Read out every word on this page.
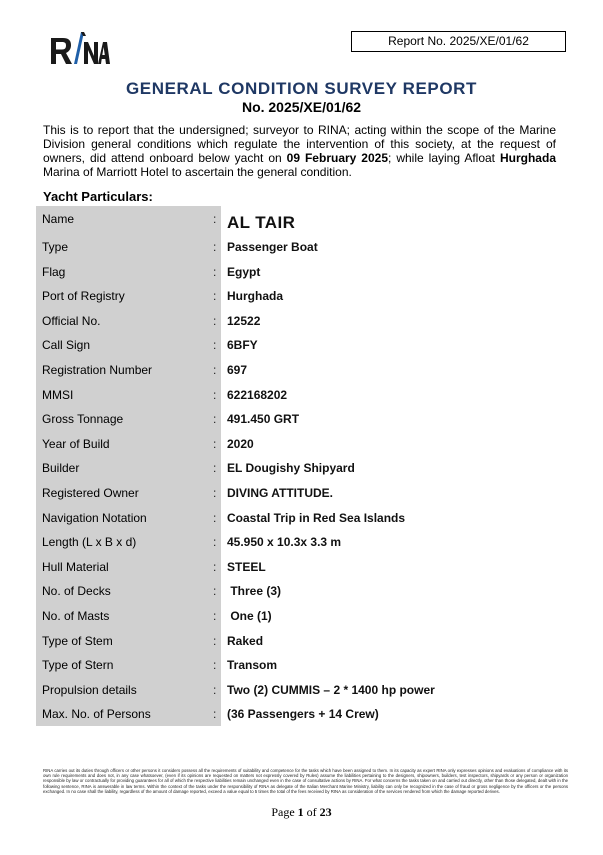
Report No. 2025/XE/01/62
GENERAL CONDITION SURVEY REPORT
No. 2025/XE/01/62

This is to report that the undersigned; surveyor to RINA; acting within the scope of the Marine Division general conditions which regulate the intervention of this society, at the request of owners, did attend onboard below yacht on 09 February 2025; while laying Afloat Hurghada Marina of Marriott Hotel to ascertain the general condition.

Yacht Particulars:
Name	: AL TAIR
Type	: Passenger Boat
Flag	: Egypt
Port of Registry	: Hurghada
Official No.	: 12522
Call Sign	: 6BFY
Registration Number	: 697
MMSI	: 622168202
Gross Tonnage	: 491.450 GRT
Year of Build	: 2020
Builder	: EL Dougishy Shipyard
Registered Owner	: DIVING ATTITUDE.
Navigation Notation	: Coastal Trip in Red Sea Islands
Length (L x B x d)	: 45.950 x 10.3x 3.3 m
Hull Material	: STEEL
No. of Decks	: Three (3)
No. of Masts	: One (1)
Type of Stem	: Raked
Type of Stern	: Transom
Propulsion details	: Two (2) CUMMIS – 2 * 1400 hp power
Max. No. of Persons	: (36 Passengers + 14 Crew)

RINA carries out its duties through officers or other persons it considers possess all the requirements of suitability and competence for the tasks which have been assigned to them. In its capacity as expert RINA only expresses opinions and evaluations of compliance with its own rule requirements and does not, in any case whatsoever, (even if its opinions are requested on matters not expressly covered by Rules) assume the liabilities pertaining to the designers, shipowners, builders, test inspectors, shipyards or any person or organization responsible by law or contractually for providing guarantees for all of which the respective liabilities remain unchanged even in the case of consultative actions by RINA. For what concerns the tasks taken on and carried out directly, other than those delegated, dealt with in the following sentence, RINA is answerable in law terms. Within the context of the tasks under the responsibility of RINA as delegate of the Italian Merchant Marine Ministry, liability can only be recognized in the case of fraud or gross negligence by the officers or the persons exchanged. In no case shall the liability, regardless of the amount of damage reported, exceed a value equal to 5 times the total of the fees received by RINA as consideration of the services rendered from which the damage reported derives.

Page 1 of 23
